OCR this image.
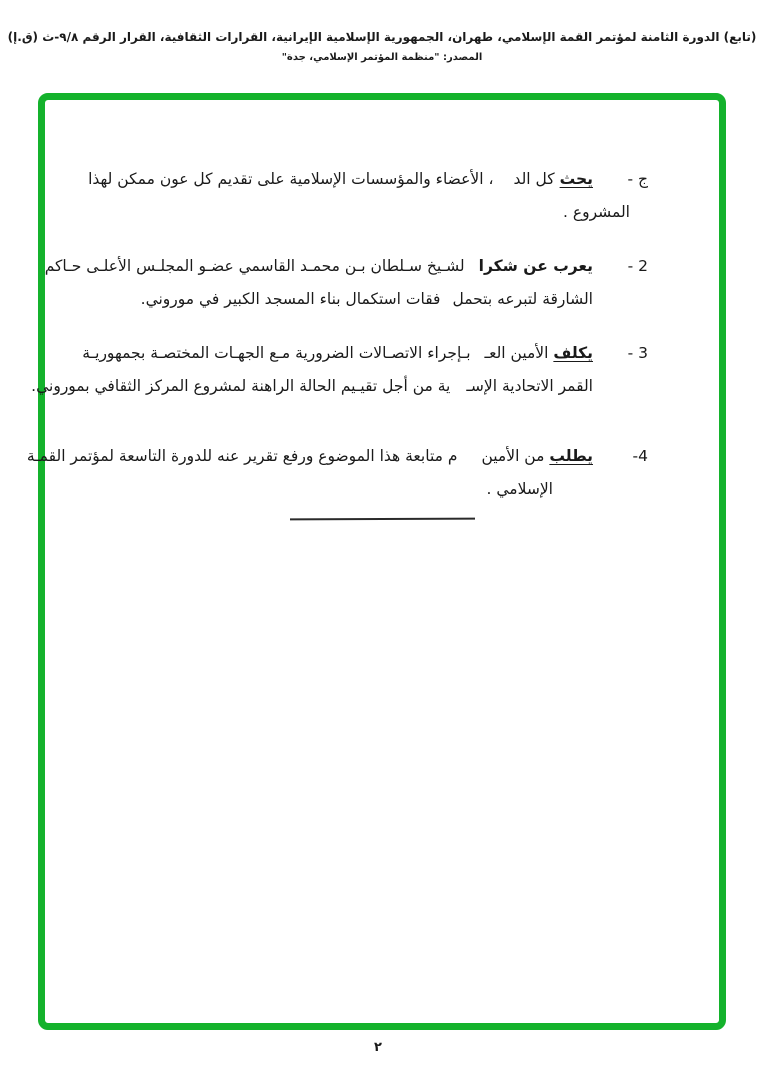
(تابع) الدورة الثامنة لمؤتمر القمة الإسلامي، طهران، الجمهورية الإسلامية الإيرانية، القرارات الثقافية، القرار الرقم ٩/٨-ث (ق.إ)
المصدر: "منظمة المؤتمر الإسلامي، جدة"
ج -يحث كل الد، الأعضاء والمؤسسات الإسلامية على تقديم كل عون ممكن لهذا
المشروع .
2 -يعرب عن شكرالشـيخ سـلطان بـن محمـد القاسمي عضـو المجلـس الأعلـى حـاكم
الشارقة لتبرعه بتحملفقات استكمال بناء المسجد الكبير في موروني.
3 -يكلف الأمين العـبـإجراء الاتصـالات الضرورية مـع الجهـات المختصـة بجمهوريـة
القمر الاتحادية الإسـية من أجل تقيـيم الحالة الراهنة لمشروع المركز الثقافي بموروني.
4-يطلب من الأمينم متابعة هذا الموضوع ورفع تقرير عنه للدورة التاسعة لمؤتمر القمـة
الإسلامي .
٢
